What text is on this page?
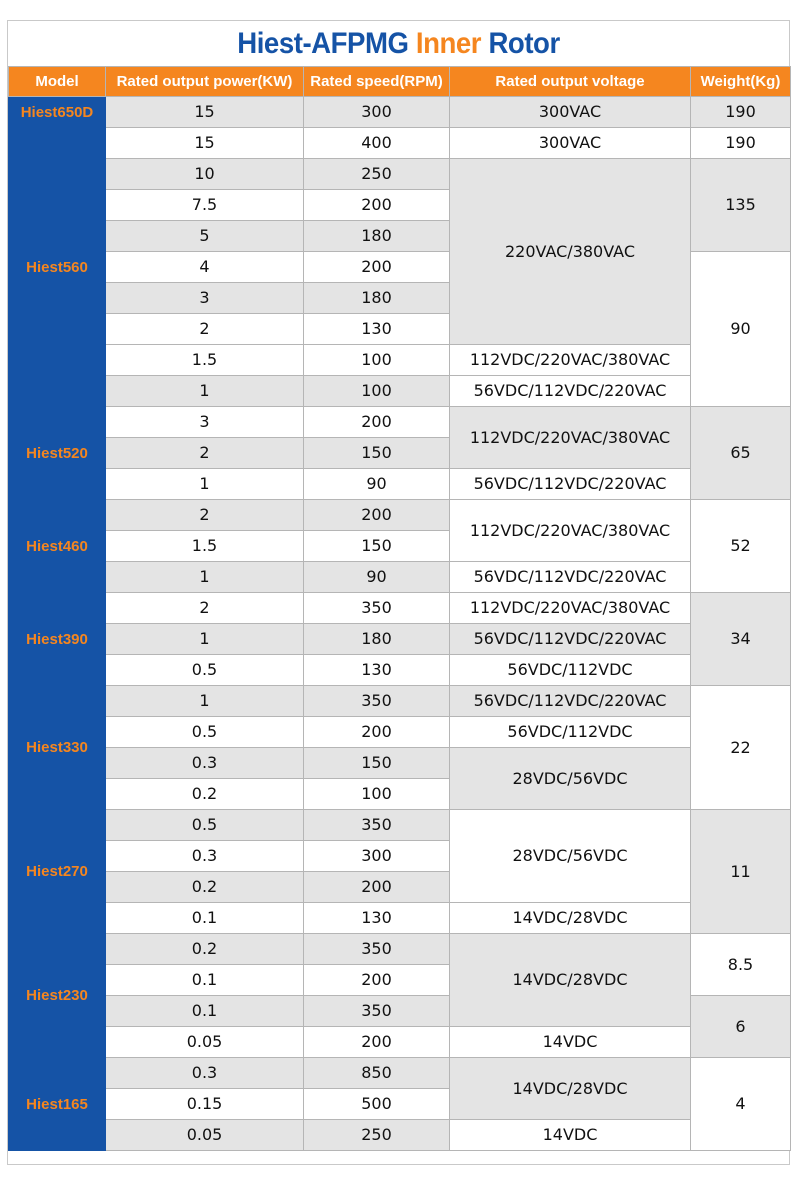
Hiest-AFPMG Inner Rotor
Model	Rated output power(KW)	Rated speed(RPM)	Rated output voltage	Weight(Kg)
Hiest650D	15	300	300VAC	190
Hiest560	15	400	300VAC	190
	10	250	220VAC/380VAC	135
	7.5	200		
	5	180		
	4	200		90
	3	180		
	2	130		
	1.5	100	112VDC/220VAC/380VAC	
	1	100	56VDC/112VDC/220VAC	
Hiest520	3	200	112VDC/220VAC/380VAC	65
	2	150		
	1	90	56VDC/112VDC/220VAC	
Hiest460	2	200	112VDC/220VAC/380VAC	52
	1.5	150		
	1	90	56VDC/112VDC/220VAC	
Hiest390	2	350	112VDC/220VAC/380VAC	34
	1	180	56VDC/112VDC/220VAC	
	0.5	130	56VDC/112VDC	
Hiest330	1	350	56VDC/112VDC/220VAC	22
	0.5	200	56VDC/112VDC	
	0.3	150	28VDC/56VDC	
	0.2	100		
Hiest270	0.5	350	28VDC/56VDC	11
	0.3	300		
	0.2	200		
	0.1	130	14VDC/28VDC	
Hiest230	0.2	350	14VDC/28VDC	8.5
	0.1	200		
	0.1	350		6
	0.05	200	14VDC	
Hiest165	0.3	850	14VDC/28VDC	4
	0.15	500		
	0.05	250	14VDC	
